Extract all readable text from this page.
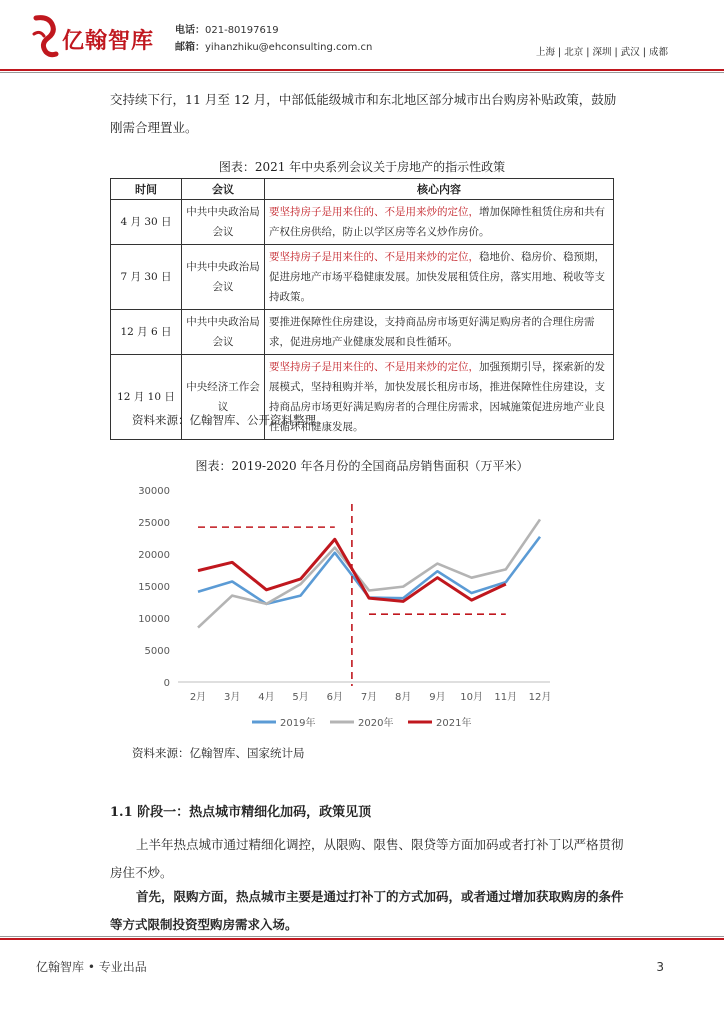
亿翰智库 电话：021-80197619
邮箱：yihanzhiku@ehconsulting.com.cn	上海 | 北京 | 深圳 | 武汉 | 成都
交持续下行，11 月至 12 月，中部低能级城市和东北地区部分城市出台购房补贴政策，鼓励
刚需合理置业。
图表：2021 年中央系列会议关于房地产的指示性政策
时间	会议	核心内容
4 月 30 日	中共中央政治局会议	要坚持房子是用来住的、不是用来炒的定位，增加保障性租赁住房和共有产权住房供给，防止以学区房等名义炒作房价。
7 月 30 日	中共中央政治局会议	要坚持房子是用来住的、不是用来炒的定位，稳地价、稳房价、稳预期，促进房地产市场平稳健康发展。加快发展租赁住房，落实用地、税收等支持政策。
12 月 6 日	中共中央政治局会议	要推进保障性住房建设，支持商品房市场更好满足购房者的合理住房需求，促进房地产业健康发展和良性循环。
12 月 10 日	中央经济工作会议	要坚持房子是用来住的、不是用来炒的定位，加强预期引导，探索新的发展模式，坚持租购并举，加快发展长租房市场，推进保障性住房建设，支持商品房市场更好满足购房者的合理住房需求，因城施策促进房地产业良性循环和健康发展。
资料来源：亿翰智库、公开资料整理
图表：2019-2020 年各月份的全国商品房销售面积（万平米）
0
5000
10000
15000
20000
25000
30000
2月 3月 4月 5月 6月 7月 8月 9月 10月 11月 12月
2019年	2020年	2021年
资料来源：亿翰智库、国家统计局
1.1 阶段一：热点城市精细化加码，政策见顶
上半年热点城市通过精细化调控，从限购、限售、限贷等方面加码或者打补丁以严格贯彻房住不炒。
首先，限购方面，热点城市主要是通过打补丁的方式加码，或者通过增加获取购房的条件等方式限制投资型购房需求入场。
亿翰智库 • 专业出品	3
